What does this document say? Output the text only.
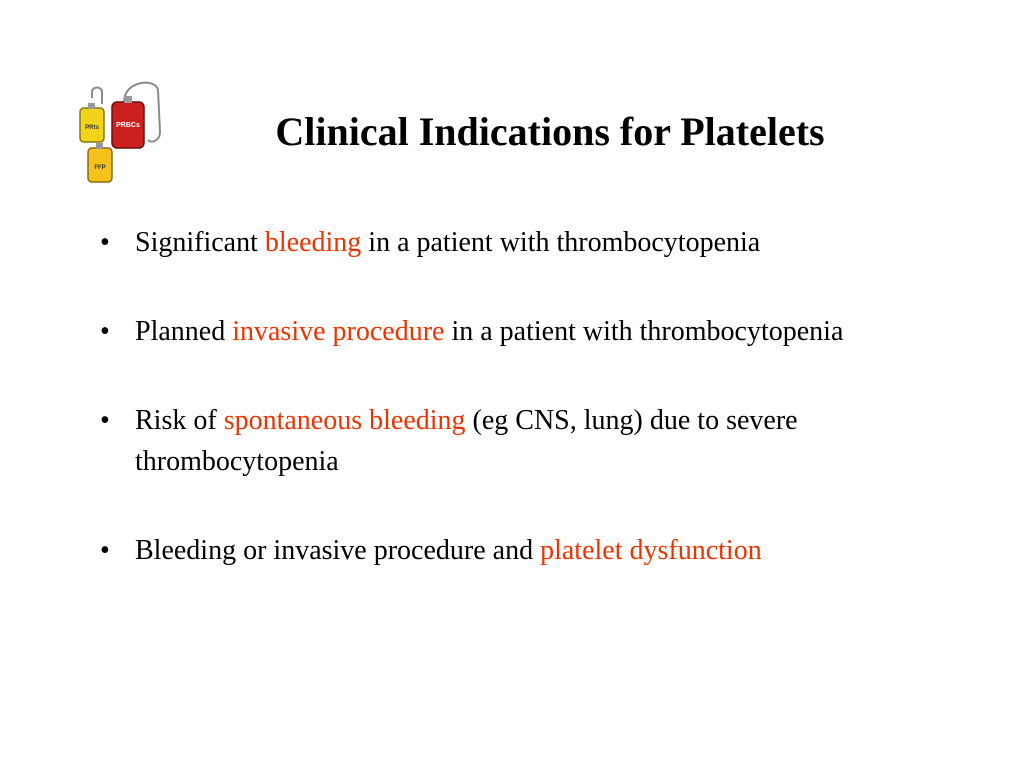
PRBCs
PRts
FFP
Clinical Indications for Platelets
• Significant bleeding in a patient with thrombocytopenia
• Planned invasive procedure in a patient with thrombocytopenia
• Risk of spontaneous bleeding (eg CNS, lung) due to severe thrombocytopenia
• Bleeding or invasive procedure and platelet dysfunction
